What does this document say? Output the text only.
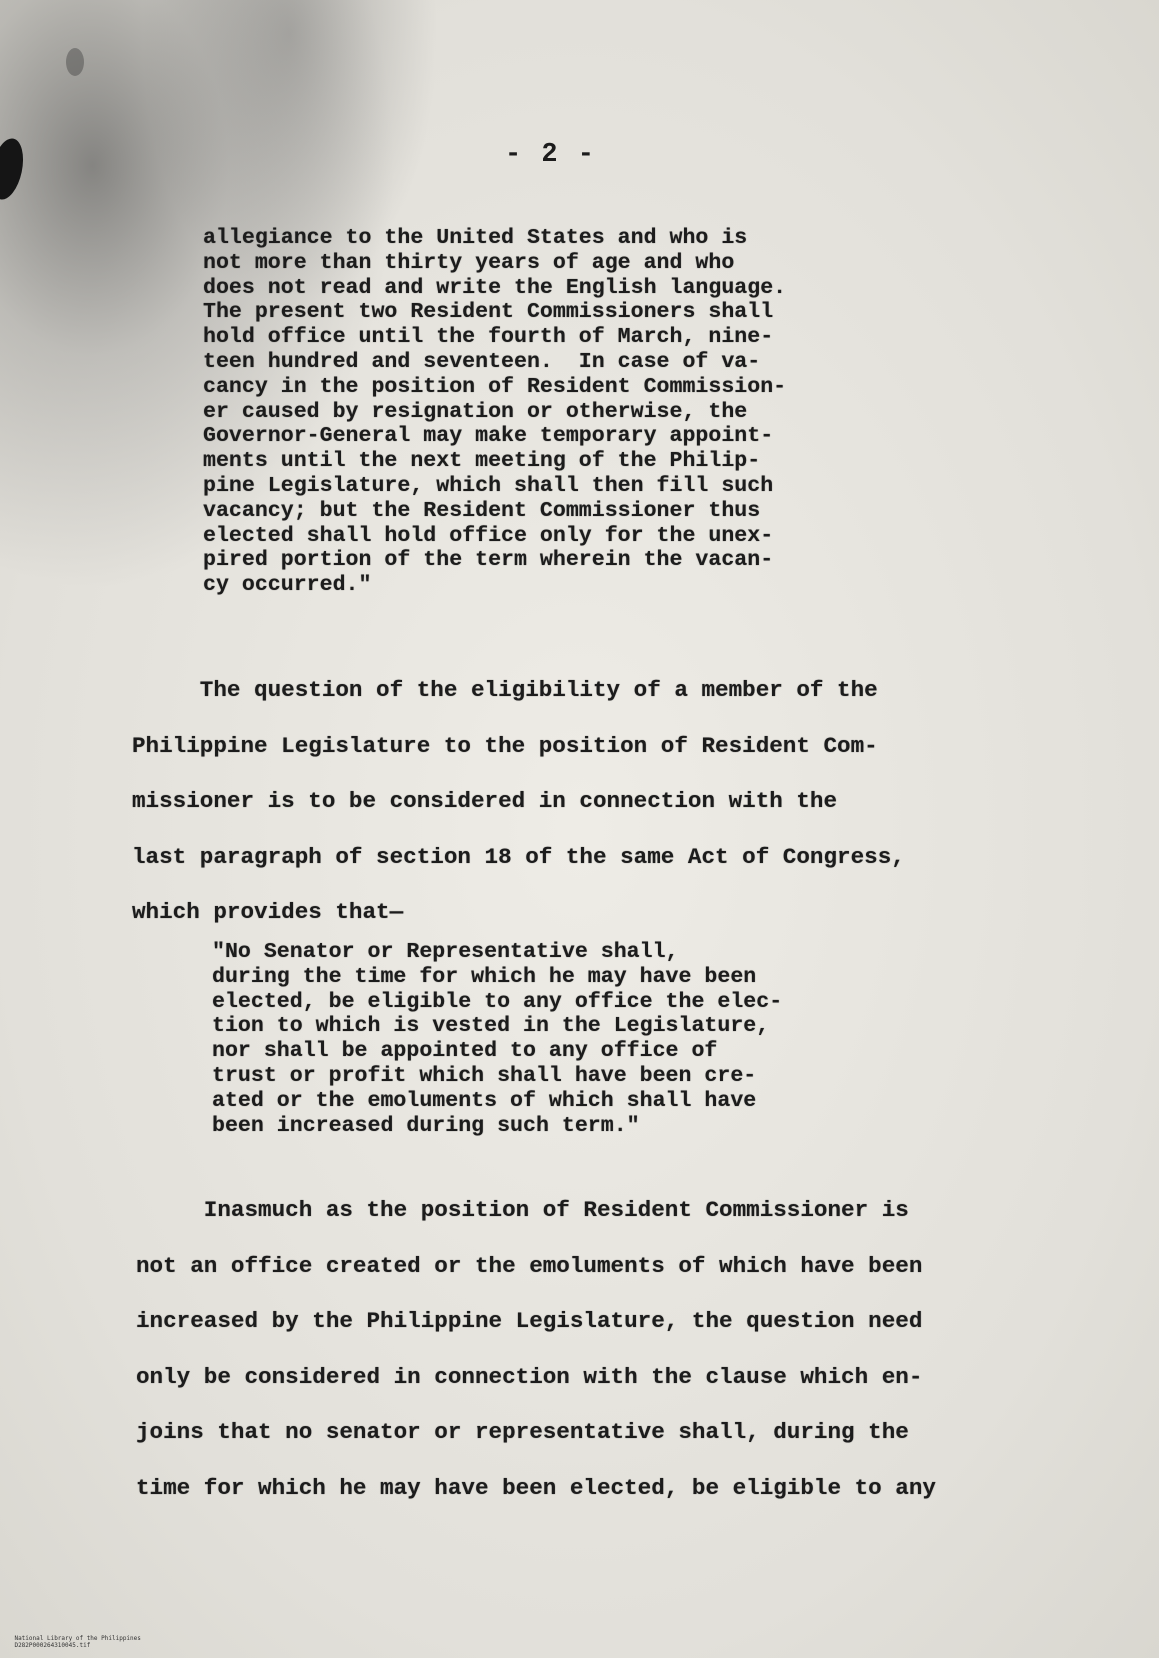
- 2 -
allegiance to the United States and who is
not more than thirty years of age and who
does not read and write the English language.
The present two Resident Commissioners shall
hold office until the fourth of March, nine-
teen hundred and seventeen.  In case of va-
cancy in the position of Resident Commission-
er caused by resignation or otherwise, the
Governor-General may make temporary appoint-
ments until the next meeting of the Philip-
pine Legislature, which shall then fill such
vacancy; but the Resident Commissioner thus
elected shall hold office only for the unex-
pired portion of the term wherein the vacan-
cy occurred."
The question of the eligibility of a member of the
Philippine Legislature to the position of Resident Com-
missioner is to be considered in connection with the
last paragraph of section 18 of the same Act of Congress,
which provides that—
"No Senator or Representative shall,
during the time for which he may have been
elected, be eligible to any office the elec-
tion to which is vested in the Legislature,
nor shall be appointed to any office of
trust or profit which shall have been cre-
ated or the emoluments of which shall have
been increased during such term."
Inasmuch as the position of Resident Commissioner is
not an office created or the emoluments of which have been
increased by the Philippine Legislature, the question need
only be considered in connection with the clause which en-
joins that no senator or representative shall, during the
time for which he may have been elected, be eligible to any

National Library of the Philippines
D282P000264310045.tif
